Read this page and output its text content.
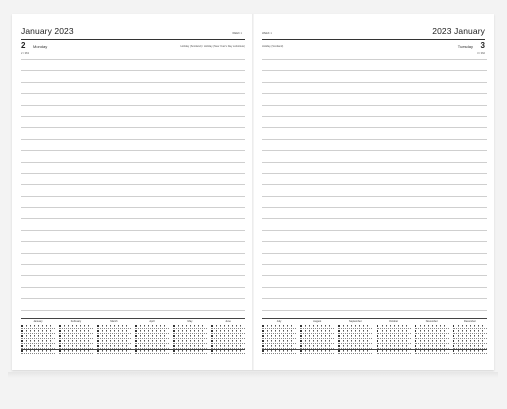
January 2023	WEEK 1
2 Monday	Holiday (Scotland) / Holiday (New Year's Day substitute)
2 / 363
January	February	March	April	May	June
2023 January
WEEK 1
3
Tuesday
Holiday (Scotland)
3 / 362
July	August	September	October	November	December
